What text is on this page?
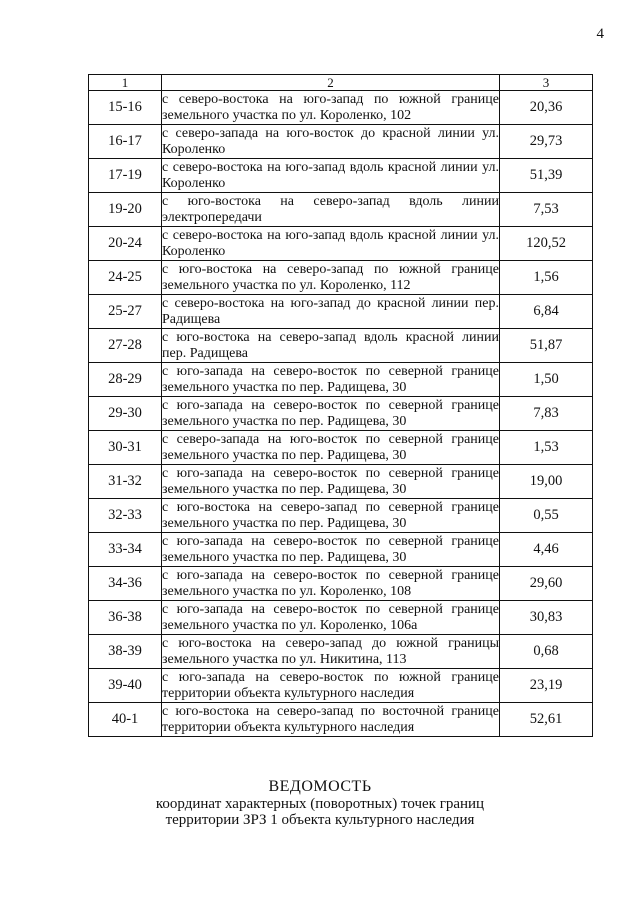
4
1	2	3
15-16	с северо-востока на юго-запад по южной границе земельного участка по ул. Короленко, 102	20,36
16-17	с северо-запада на юго-восток до красной линии ул. Короленко	29,73
17-19	с северо-востока на юго-запад вдоль красной линии ул. Короленко	51,39
19-20	с юго-востока на северо-запад вдоль линии электропередачи	7,53
20-24	с северо-востока на юго-запад вдоль красной линии ул. Короленко	120,52
24-25	с юго-востока на северо-запад по южной границе земельного участка по ул. Короленко, 112	1,56
25-27	с северо-востока на юго-запад до красной линии пер. Радищева	6,84
27-28	с юго-востока на северо-запад вдоль красной линии пер. Радищева	51,87
28-29	с юго-запада на северо-восток по северной границе земельного участка по пер. Радищева, 30	1,50
29-30	с юго-запада на северо-восток по северной границе земельного участка по пер. Радищева, 30	7,83
30-31	с северо-запада на юго-восток по северной границе земельного участка по пер. Радищева, 30	1,53
31-32	с юго-запада на северо-восток по северной границе земельного участка по пер. Радищева, 30	19,00
32-33	с юго-востока на северо-запад по северной границе земельного участка по пер. Радищева, 30	0,55
33-34	с юго-запада на северо-восток по северной границе земельного участка по пер. Радищева, 30	4,46
34-36	с юго-запада на северо-восток по северной границе земельного участка по ул. Короленко, 108	29,60
36-38	с юго-запада на северо-восток по северной границе земельного участка по ул. Короленко, 106а	30,83
38-39	с юго-востока на северо-запад до южной границы земельного участка по ул. Никитина, 113	0,68
39-40	с юго-запада на северо-восток по южной границе территории объекта культурного наследия	23,19
40-1	с юго-востока на северо-запад по восточной границе территории объекта культурного наследия	52,61
ВЕДОМОСТЬ
координат характерных (поворотных) точек границ
территории ЗРЗ 1 объекта культурного наследия
